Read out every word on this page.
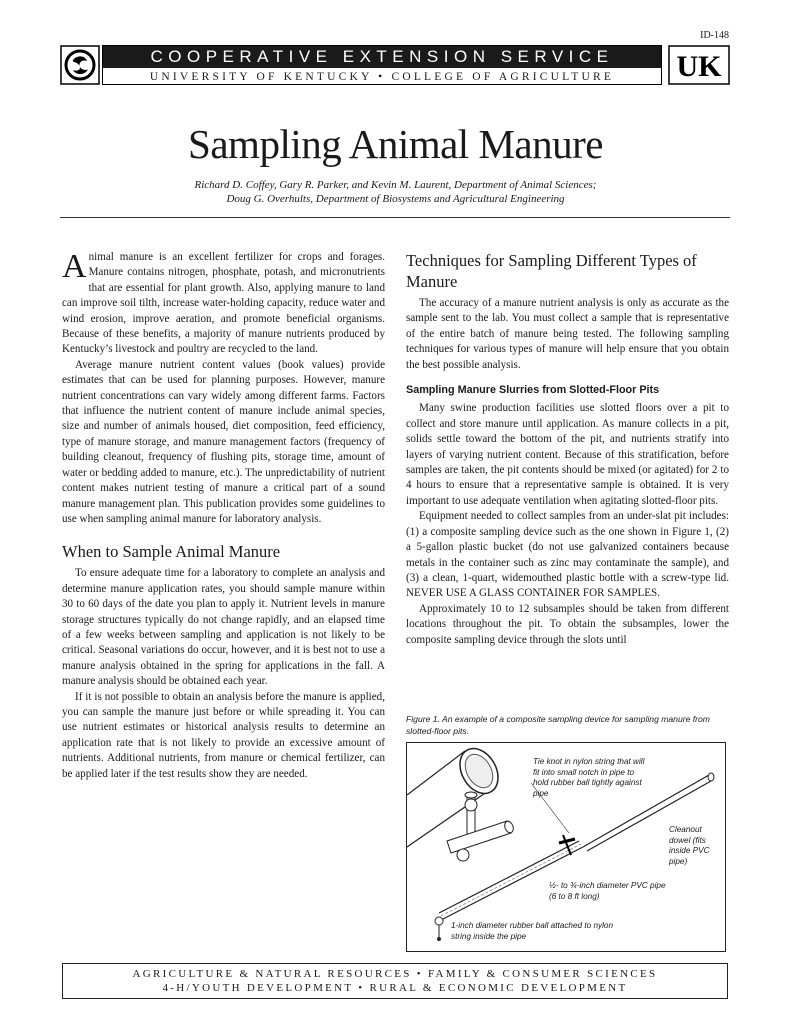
ID-148
COOPERATIVE EXTENSION SERVICE
UNIVERSITY OF KENTUCKY • COLLEGE OF AGRICULTURE	UK
Sampling Animal Manure
Richard D. Coffey, Gary R. Parker, and Kevin M. Laurent, Department of Animal Sciences;
Doug G. Overhults, Department of Biosystems and Agricultural Engineering

Animal manure is an excellent fertilizer for crops and forages. Manure contains nitrogen, phosphate, potash, and micronutrients that are essential for plant growth. Also, applying manure to land can improve soil tilth, increase water-holding capacity, reduce water and wind erosion, improve aeration, and promote beneficial organisms. Because of these benefits, a majority of manure nutrients produced by Kentucky’s livestock and poultry are recycled to the land.

Average manure nutrient content values (book values) provide estimates that can be used for planning purposes. However, manure nutrient concentrations can vary widely among different farms. Factors that influence the nutrient content of manure include animal species, size and number of animals housed, diet composition, feed efficiency, type of manure storage, and manure management factors (frequency of building cleanout, frequency of flushing pits, storage time, amount of water or bedding added to manure, etc.). The unpredictability of nutrient content makes nutrient testing of manure a critical part of a sound manure management plan. This publication provides some guidelines to use when sampling animal manure for laboratory analysis.

When to Sample Animal Manure

To ensure adequate time for a laboratory to complete an analysis and determine manure application rates, you should sample manure within 30 to 60 days of the date you plan to apply it. Nutrient levels in manure storage structures typically do not change rapidly, and an elapsed time of a few weeks between sampling and application is not likely to be critical. Seasonal variations do occur, however, and it is best not to use a manure analysis obtained in the spring for applications in the fall. A manure analysis should be obtained each year.

If it is not possible to obtain an analysis before the manure is applied, you can sample the manure just before or while spreading it. You can use nutrient estimates or historical analysis results to determine an application rate that is not likely to provide an excessive amount of nutrients. Additional nutrients, from manure or chemical fertilizer, can be applied later if the test results show they are needed.

Techniques for Sampling Different Types of Manure

The accuracy of a manure nutrient analysis is only as accurate as the sample sent to the lab. You must collect a sample that is representative of the entire batch of manure being tested. The following sampling techniques for various types of manure will help ensure that you obtain the best possible analysis.

Sampling Manure Slurries from Slotted-Floor Pits

Many swine production facilities use slotted floors over a pit to collect and store manure until application. As manure collects in a pit, solids settle toward the bottom of the pit, and nutrients stratify into layers of varying nutrient content. Because of this stratification, before samples are taken, the pit contents should be mixed (or agitated) for 2 to 4 hours to ensure that a representative sample is obtained. It is very important to use adequate ventilation when agitating slotted-floor pits.

Equipment needed to collect samples from an under-slat pit includes: (1) a composite sampling device such as the one shown in Figure 1, (2) a 5-gallon plastic bucket (do not use galvanized containers because metals in the container such as zinc may contaminate the sample), and (3) a clean, 1-quart, widemouthed plastic bottle with a screw-type lid. NEVER USE A GLASS CONTAINER FOR SAMPLES.

Approximately 10 to 12 subsamples should be taken from different locations throughout the pit. To obtain the subsamples, lower the composite sampling device through the slots until

Figure 1. An example of a composite sampling device for sampling manure from slotted-floor pits.
Tie knot in nylon string that will fit into small notch in pipe to hold rubber ball tightly against pipe
Cleanout dowel (fits inside PVC pipe)
½- to ¾-inch diameter PVC pipe (6 to 8 ft long)
1-inch diameter rubber ball attached to nylon string inside the pipe
AGRICULTURE & NATURAL RESOURCES • FAMILY & CONSUMER SCIENCES
4-H/YOUTH DEVELOPMENT • RURAL & ECONOMIC DEVELOPMENT
